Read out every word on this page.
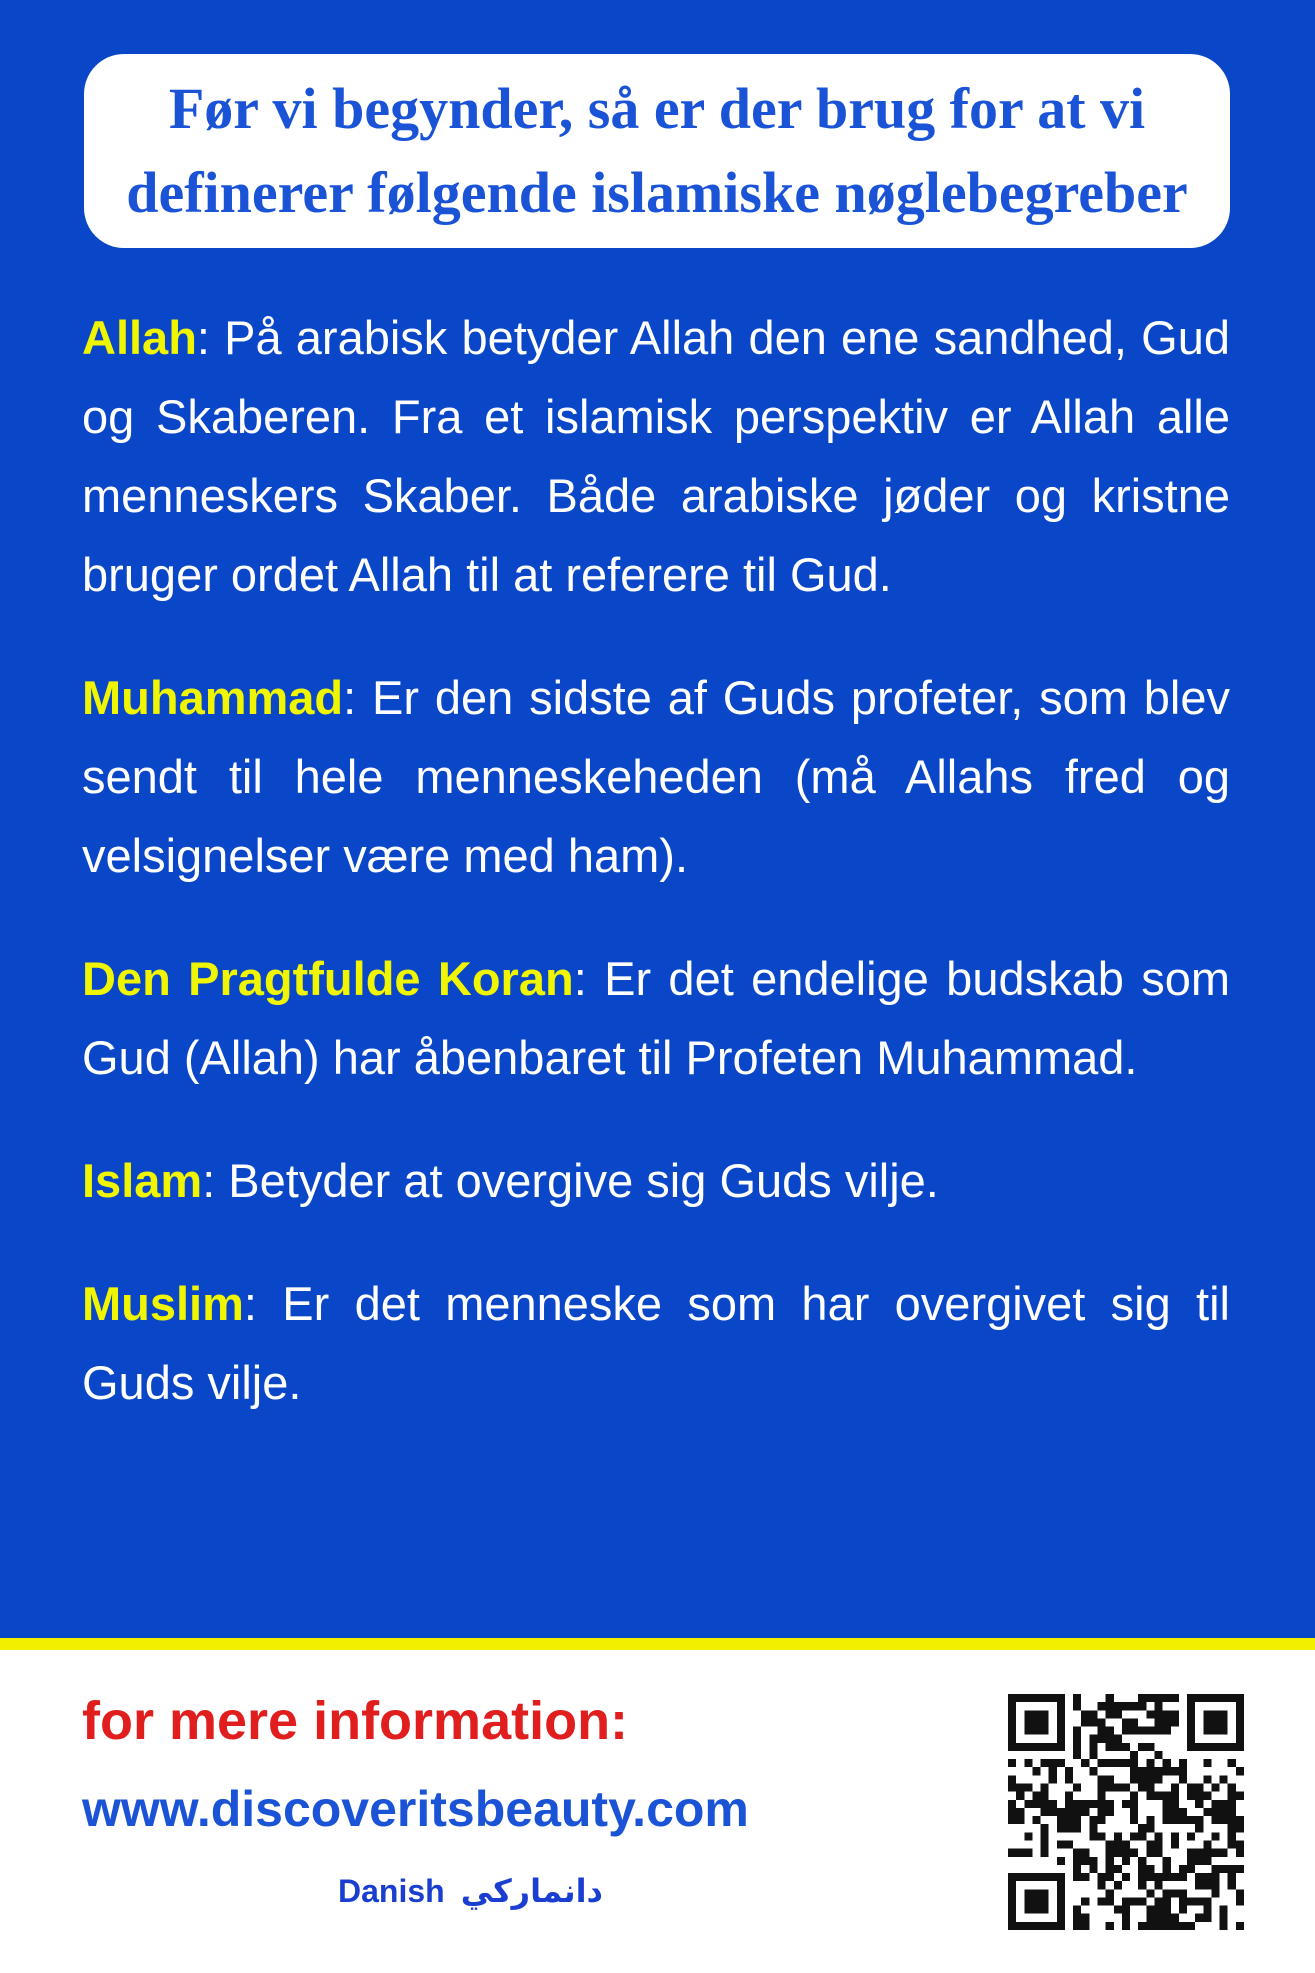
Før vi begynder, så er der brug for at vi
definerer følgende islamiske nøglebegreber

Allah: På arabisk betyder Allah den ene sandhed, Gud og Skaberen. Fra et islamisk perspektiv er Allah alle menneskers Skaber. Både arabiske jøder og kristne bruger ordet Allah til at referere til Gud.

Muhammad: Er den sidste af Guds profeter, som blev sendt til hele menneskeheden (må Allahs fred og velsignelser være med ham).

Den Pragtfulde Koran: Er det endelige budskab som Gud (Allah) har åbenbaret til Profeten Muhammad.

Islam: Betyder at overgive sig Guds vilje.

Muslim: Er det menneske som har overgivet sig til Guds vilje.

for mere information:
www.discoveritsbeauty.com
Danish دانماركي
